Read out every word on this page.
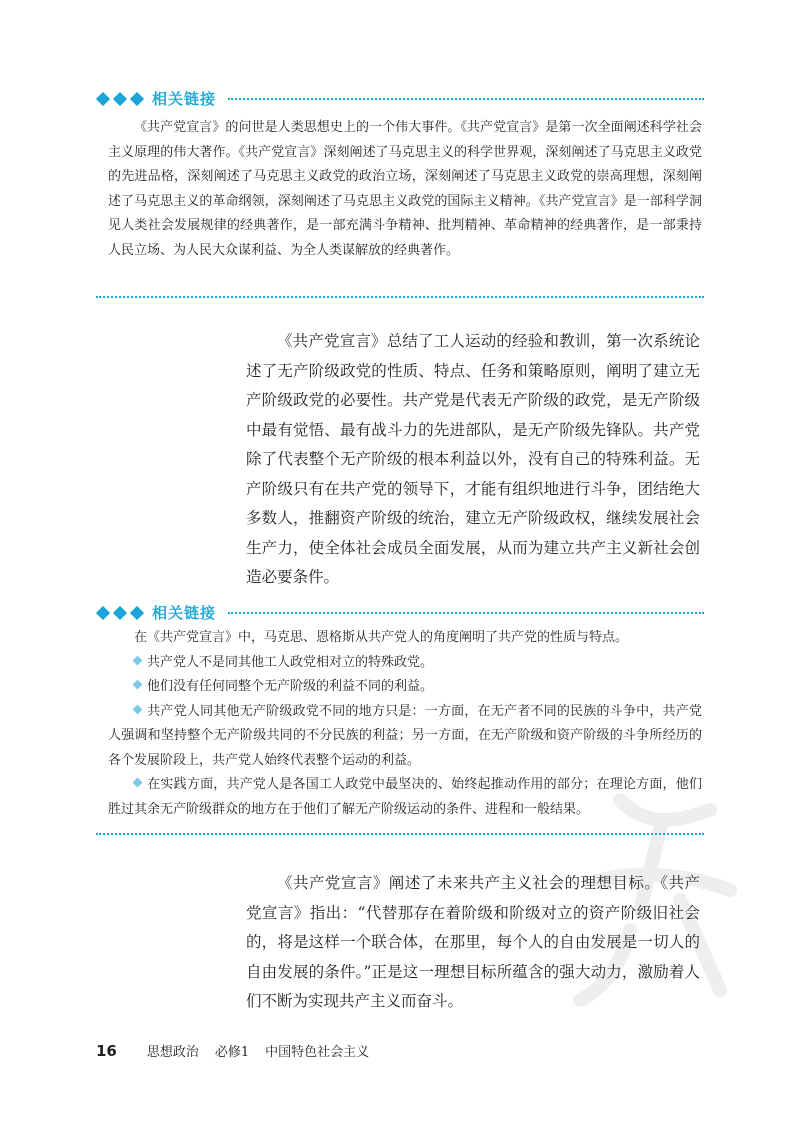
相关链接

《共产党宣言》的问世是人类思想史上的一个伟大事件。《共产党宣言》是第一次全面阐述科学社会主义原理的伟大著作。《共产党宣言》深刻阐述了马克思主义的科学世界观，深刻阐述了马克思主义政党的先进品格，深刻阐述了马克思主义政党的政治立场，深刻阐述了马克思主义政党的崇高理想，深刻阐述了马克思主义的革命纲领，深刻阐述了马克思主义政党的国际主义精神。《共产党宣言》是一部科学洞见人类社会发展规律的经典著作，是一部充满斗争精神、批判精神、革命精神的经典著作，是一部秉持人民立场、为人民大众谋利益、为全人类谋解放的经典著作。

《共产党宣言》总结了工人运动的经验和教训，第一次系统论述了无产阶级政党的性质、特点、任务和策略原则，阐明了建立无产阶级政党的必要性。共产党是代表无产阶级的政党，是无产阶级中最有觉悟、最有战斗力的先进部队，是无产阶级先锋队。共产党除了代表整个无产阶级的根本利益以外，没有自己的特殊利益。无产阶级只有在共产党的领导下，才能有组织地进行斗争，团结绝大多数人，推翻资产阶级的统治，建立无产阶级政权，继续发展社会生产力，使全体社会成员全面发展，从而为建立共产主义新社会创造必要条件。

相关链接

在《共产党宣言》中，马克思、恩格斯从共产党人的角度阐明了共产党的性质与特点。

共产党人不是同其他工人政党相对立的特殊政党。

他们没有任何同整个无产阶级的利益不同的利益。

共产党人同其他无产阶级政党不同的地方只是：一方面，在无产者不同的民族的斗争中，共产党人强调和坚持整个无产阶级共同的不分民族的利益；另一方面，在无产阶级和资产阶级的斗争所经历的各个发展阶段上，共产党人始终代表整个运动的利益。

在实践方面，共产党人是各国工人政党中最坚决的、始终起推动作用的部分；在理论方面，他们胜过其余无产阶级群众的地方在于他们了解无产阶级运动的条件、进程和一般结果。

《共产党宣言》阐述了未来共产主义社会的理想目标。《共产党宣言》指出：“代替那存在着阶级和阶级对立的资产阶级旧社会的，将是这样一个联合体，在那里，每个人的自由发展是一切人的自由发展的条件。”正是这一理想目标所蕴含的强大动力，激励着人们不断为实现共产主义而奋斗。

16 思想政治 必修1 中国特色社会主义
